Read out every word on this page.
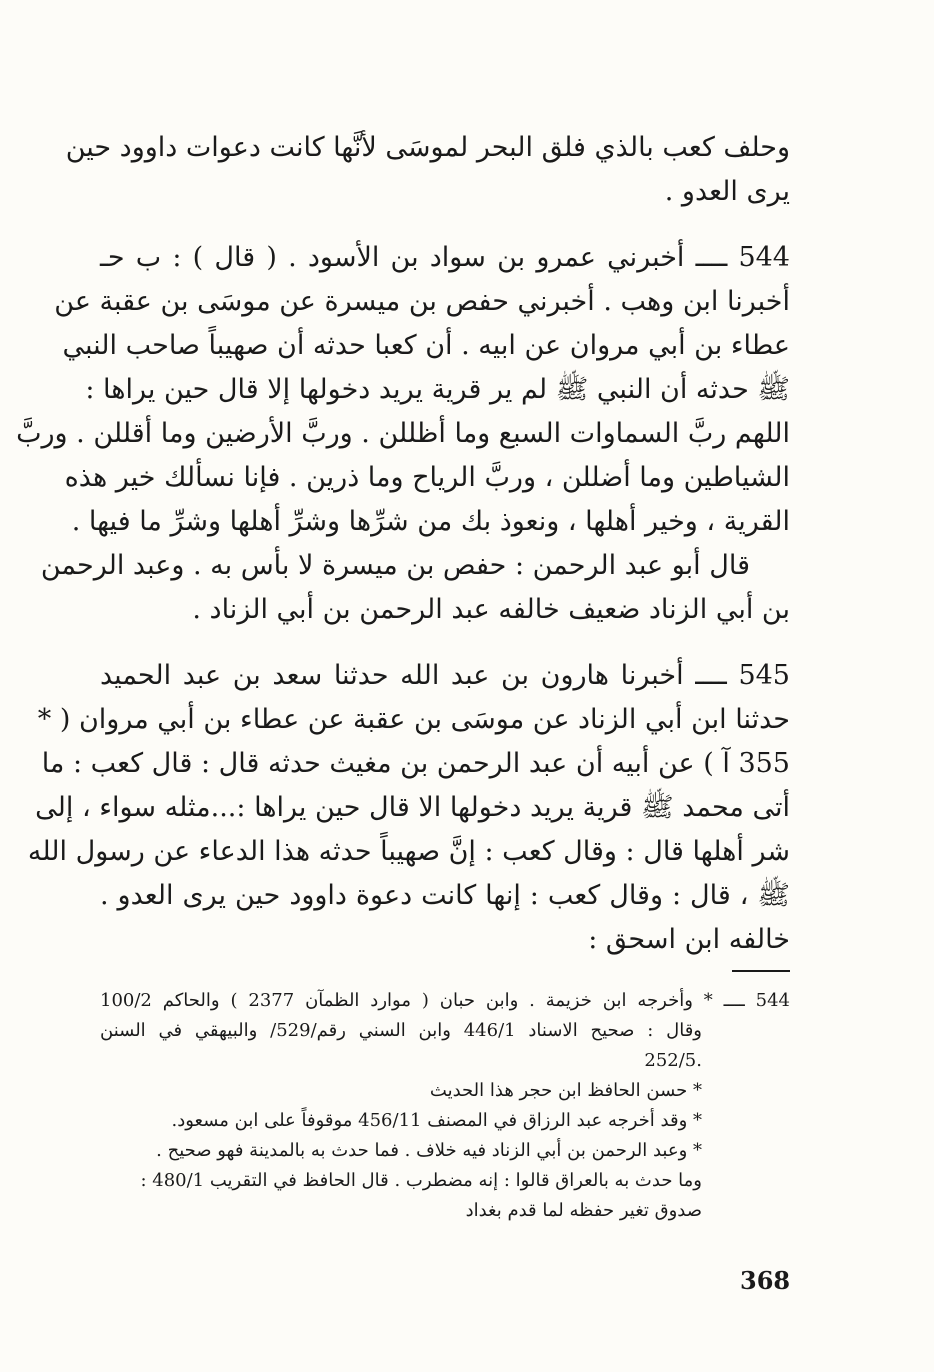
وحلف كعب بالذي فلق البحر لموسَى لأنَّها كانت دعوات داوود حين
يرى العدو .
544 ــــ أخبرني عمرو بن سواد بن الأسود . ( قال ) : ب حـ
أخبرنا ابن وهب . أخبرني حفص بن ميسرة عن موسَى بن عقبة عن
عطاء بن أبي مروان عن ابيه . أن كعبا حدثه أن صهيباً صاحب النبي
ﷺ حدثه أن النبي ﷺ لم ير قرية يريد دخولها إلا قال حين يراها :
اللهم ربَّ السماوات السبع وما أظللن . وربَّ الأرضين وما أقللن . وربَّ
الشياطين وما أضللن ، وربَّ الرياح وما ذرين . فإنا نسألك خير هذه
القرية ، وخير أهلها ، ونعوذ بك من شرِّها وشرِّ أهلها وشرِّ ما فيها .
قال أبو عبد الرحمن : حفص بن ميسرة لا بأس به . وعبد الرحمن
بن أبي الزناد ضعيف خالفه عبد الرحمن بن أبي الزناد .
545 ــــ أخبرنا هارون بن عبد الله حدثنا سعد بن عبد الحميد
حدثنا ابن أبي الزناد عن موسَى بن عقبة عن عطاء بن أبي مروان ( *
355 آ ) عن أبيه أن عبد الرحمن بن مغيث حدثه قال : قال كعب : ما
أتى محمد ﷺ قرية يريد دخولها الا قال حين يراها :...مثله سواء ، إلى
شر أهلها قال : وقال كعب : إنَّ صهيباً حدثه هذا الدعاء عن رسول الله
ﷺ ، قال : وقال كعب : إنها كانت دعوة داوود حين يرى العدو .
خالفه ابن اسحق :
544 ــــ * وأخرجه ابن خزيمة . وابن حبان ( موارد الظمآن 2377 ) والحاكم 100/2
وقال : صحيح الاسناد 446/1 وابن السني رقم/529/ والبيهقي في السنن
.252/5
* حسن الحافظ ابن حجر هذا الحديث
* وقد أخرجه عبد الرزاق في المصنف 456/11 موقوفاً على ابن مسعود.
* وعبد الرحمن بن أبي الزناد فيه خلاف . فما حدث به بالمدينة فهو صحيح .
وما حدث به بالعراق قالوا : إنه مضطرب . قال الحافظ في التقريب 480/1 :
صدوق تغير حفظه لما قدم بغداد
368
